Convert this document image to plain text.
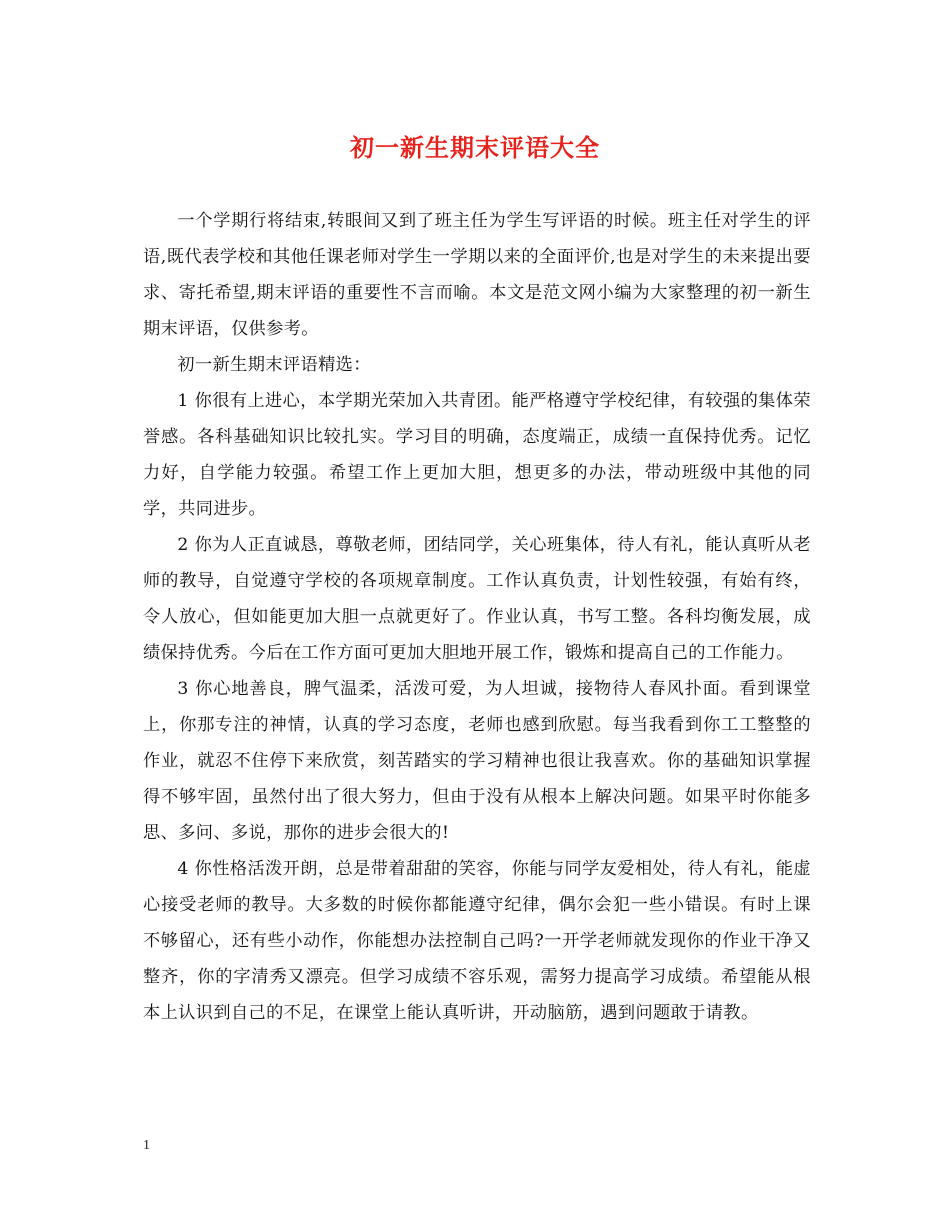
初一新生期末评语大全

一个学期行将结束,转眼间又到了班主任为学生写评语的时候。班主任对学生的评语,既代表学校和其他任课老师对学生一学期以来的全面评价,也是对学生的未来提出要求、寄托希望,期末评语的重要性不言而喻。本文是范文网小编为大家整理的初一新生期末评语，仅供参考。

初一新生期末评语精选：

1 你很有上进心，本学期光荣加入共青团。能严格遵守学校纪律，有较强的集体荣誉感。各科基础知识比较扎实。学习目的明确，态度端正，成绩一直保持优秀。记忆力好，自学能力较强。希望工作上更加大胆，想更多的办法，带动班级中其他的同学，共同进步。

2 你为人正直诚恳，尊敬老师，团结同学，关心班集体，待人有礼，能认真听从老师的教导，自觉遵守学校的各项规章制度。工作认真负责，计划性较强，有始有终，令人放心，但如能更加大胆一点就更好了。作业认真，书写工整。各科均衡发展，成绩保持优秀。今后在工作方面可更加大胆地开展工作，锻炼和提高自己的工作能力。

3 你心地善良，脾气温柔，活泼可爱，为人坦诚，接物待人春风扑面。看到课堂上，你那专注的神情，认真的学习态度，老师也感到欣慰。每当我看到你工工整整的作业，就忍不住停下来欣赏，刻苦踏实的学习精神也很让我喜欢。你的基础知识掌握得不够牢固，虽然付出了很大努力，但由于没有从根本上解决问题。如果平时你能多思、多问、多说，那你的进步会很大的!

4 你性格活泼开朗，总是带着甜甜的笑容，你能与同学友爱相处，待人有礼，能虚心接受老师的教导。大多数的时候你都能遵守纪律，偶尔会犯一些小错误。有时上课不够留心，还有些小动作，你能想办法控制自己吗?一开学老师就发现你的作业干净又整齐，你的字清秀又漂亮。但学习成绩不容乐观，需努力提高学习成绩。希望能从根本上认识到自己的不足，在课堂上能认真听讲，开动脑筋，遇到问题敢于请教。

1
